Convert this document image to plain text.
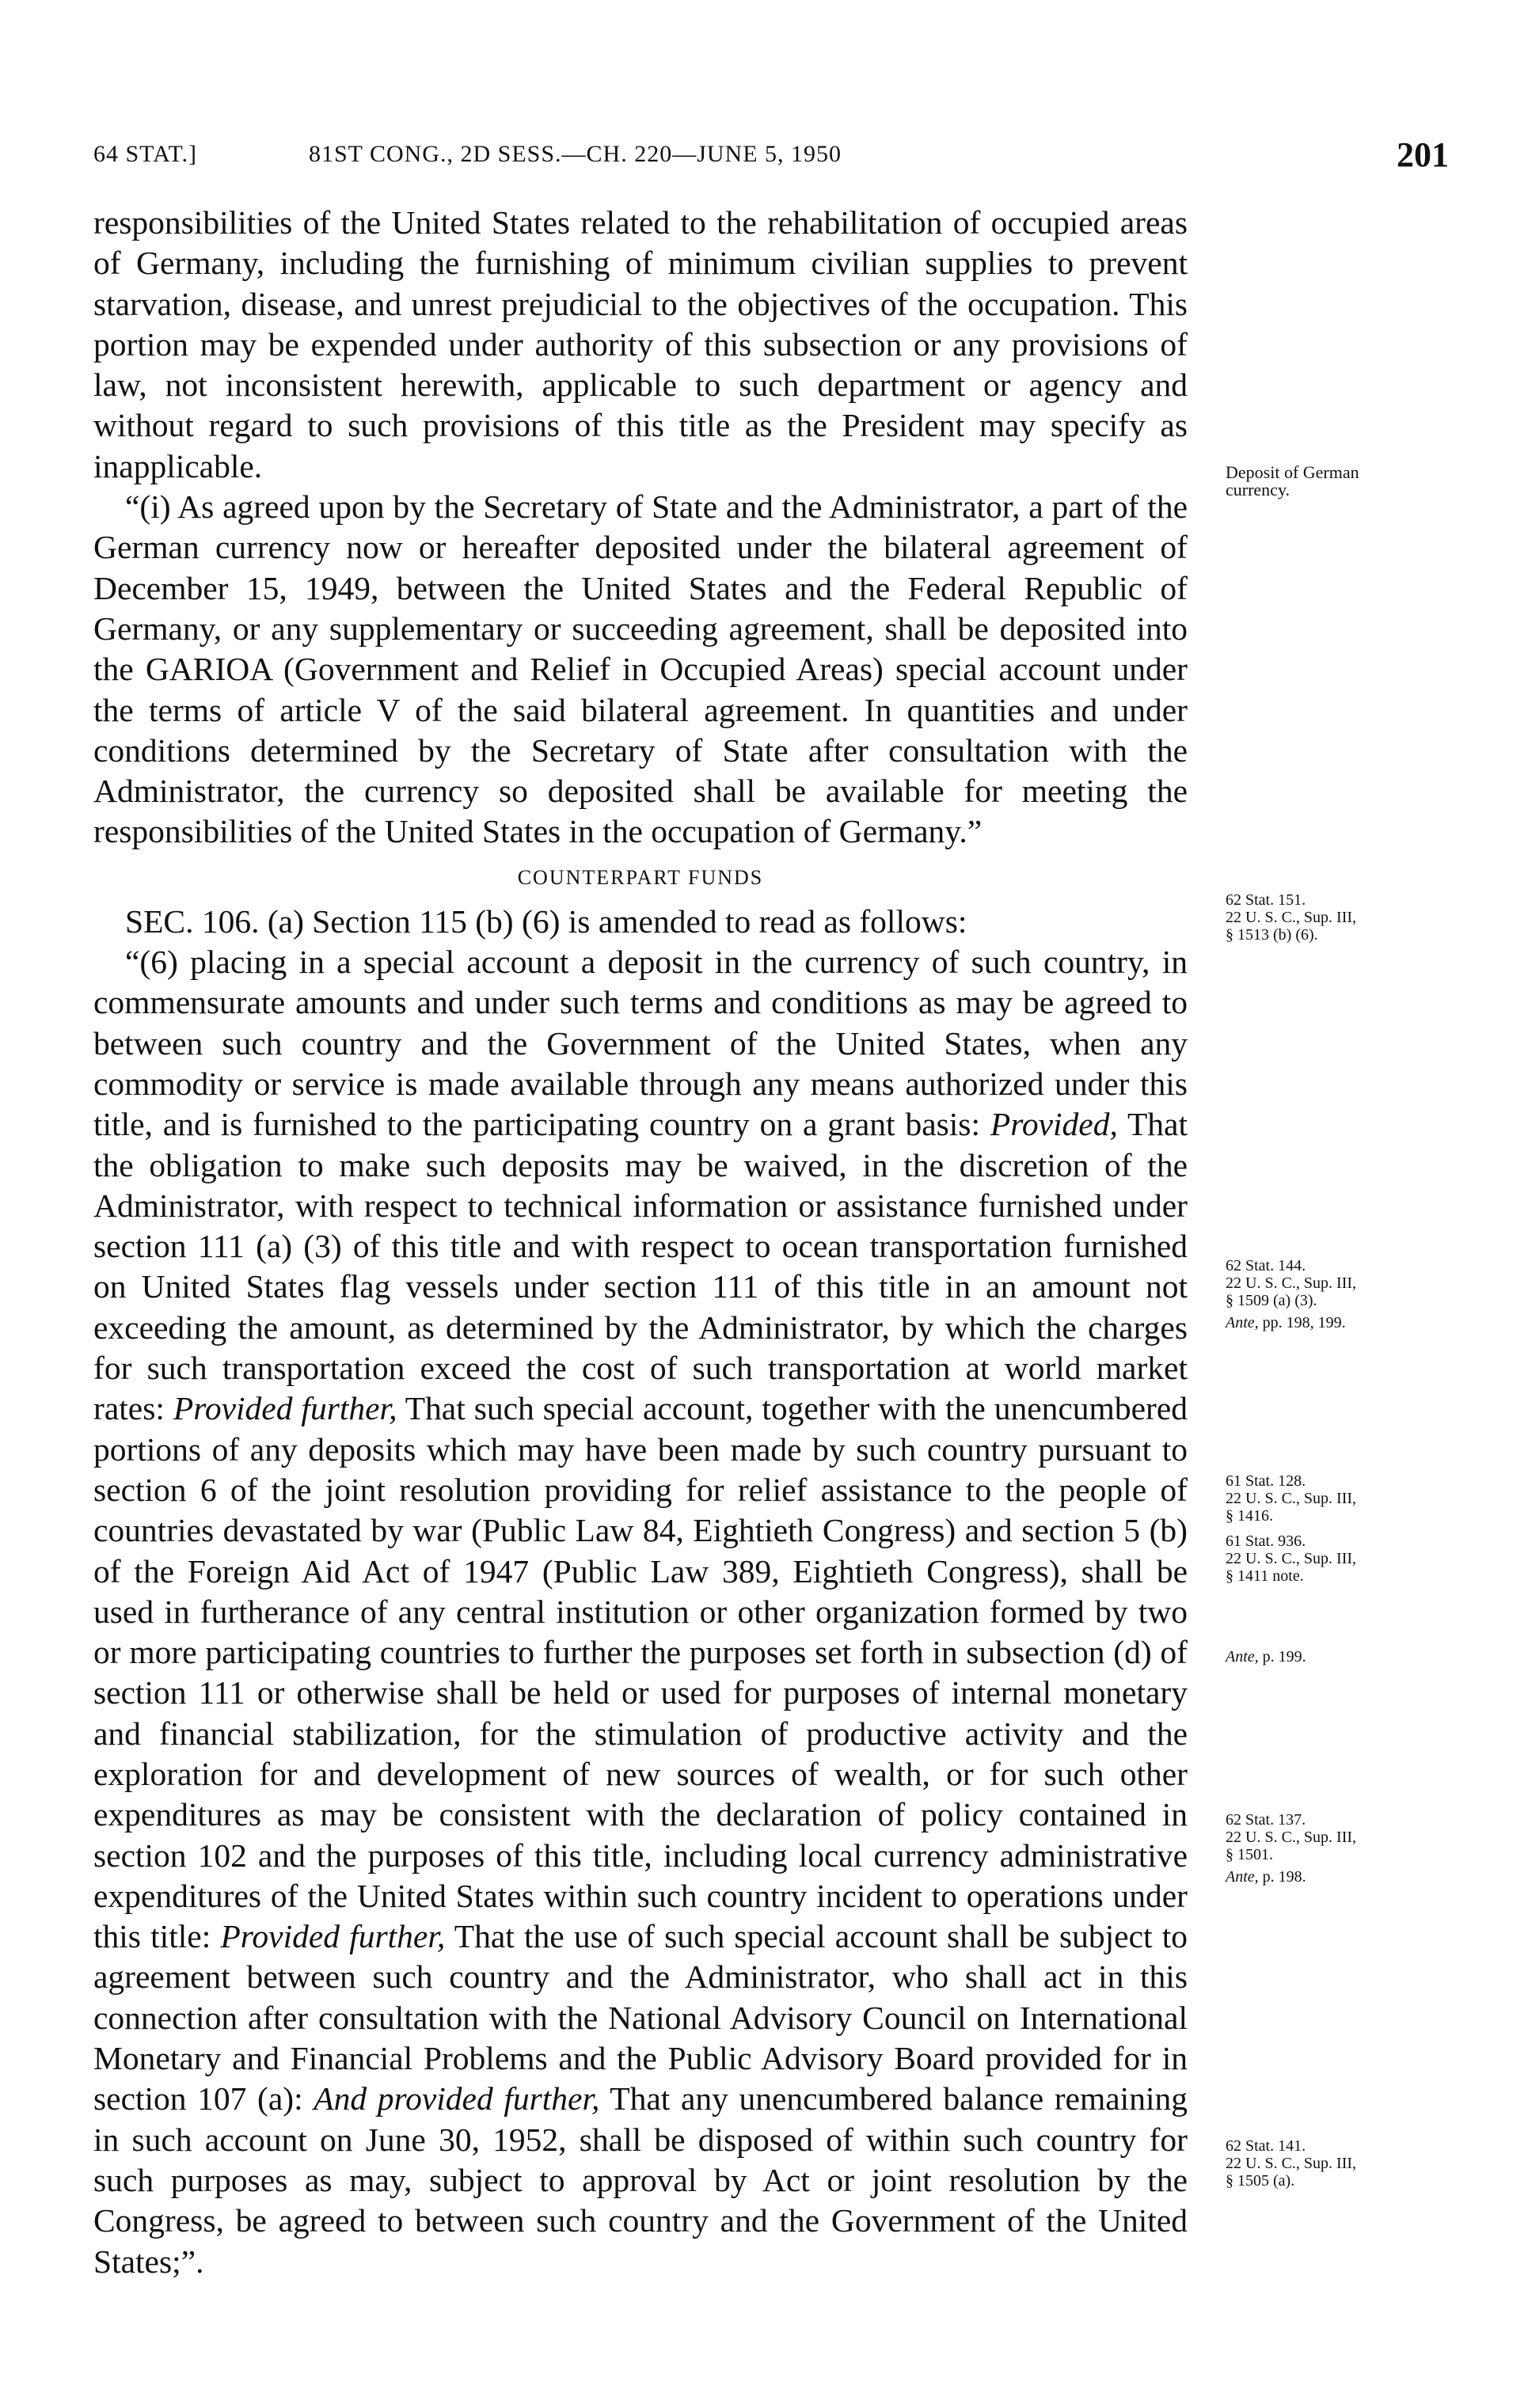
64 STAT.]	81ST CONG., 2D SESS.—CH. 220—JUNE 5, 1950	201

responsibilities of the United States related to the rehabilitation of occupied areas of Germany, including the furnishing of minimum civilian supplies to prevent starvation, disease, and unrest prejudicial to the objectives of the occupation. This portion may be expended under authority of this subsection or any provisions of law, not inconsistent herewith, applicable to such department or agency and without regard to such provisions of this title as the President may specify as inapplicable.

“(i) As agreed upon by the Secretary of State and the Administrator, a part of the German currency now or hereafter deposited under the bilateral agreement of December 15, 1949, between the United States and the Federal Republic of Germany, or any supplementary or succeeding agreement, shall be deposited into the GARIOA (Government and Relief in Occupied Areas) special account under the terms of article V of the said bilateral agreement. In quantities and under conditions determined by the Secretary of State after consultation with the Administrator, the currency so deposited shall be available for meeting the responsibilities of the United States in the occupation of Germany.”

COUNTERPART FUNDS

SEC. 106. (a) Section 115 (b) (6) is amended to read as follows:

“(6) placing in a special account a deposit in the currency of such country, in commensurate amounts and under such terms and conditions as may be agreed to between such country and the Government of the United States, when any commodity or service is made available through any means authorized under this title, and is furnished to the participating country on a grant basis: Provided, That the obligation to make such deposits may be waived, in the discretion of the Administrator, with respect to technical information or assistance furnished under section 111 (a) (3) of this title and with respect to ocean transportation furnished on United States flag vessels under section 111 of this title in an amount not exceeding the amount, as determined by the Administrator, by which the charges for such transportation exceed the cost of such transportation at world market rates: Provided further, That such special account, together with the unencumbered portions of any deposits which may have been made by such country pursuant to section 6 of the joint resolution providing for relief assistance to the people of countries devastated by war (Public Law 84, Eightieth Congress) and section 5 (b) of the Foreign Aid Act of 1947 (Public Law 389, Eightieth Congress), shall be used in furtherance of any central institution or other organization formed by two or more participating countries to further the purposes set forth in subsection (d) of section 111 or otherwise shall be held or used for purposes of internal monetary and financial stabilization, for the stimulation of productive activity and the exploration for and development of new sources of wealth, or for such other expenditures as may be consistent with the declaration of policy contained in section 102 and the purposes of this title, including local currency administrative expenditures of the United States within such country incident to operations under this title: Provided further, That the use of such special account shall be subject to agreement between such country and the Administrator, who shall act in this connection after consultation with the National Advisory Council on International Monetary and Financial Problems and the Public Advisory Board provided for in section 107 (a): And provided further, That any unencumbered balance remaining in such account on June 30, 1952, shall be disposed of within such country for such purposes as may, subject to approval by Act or joint resolution by the Congress, be agreed to between such country and the Government of the United States;”.

Deposit of German
currency.
62 Stat. 151.
22 U. S. C., Sup. III,
§ 1513 (b) (6).
62 Stat. 144.
22 U. S. C., Sup. III,
§ 1509 (a) (3).
Ante, pp. 198, 199.
61 Stat. 128.
22 U. S. C., Sup. III,
§ 1416.
61 Stat. 936.
22 U. S. C., Sup. III,
§ 1411 note.
Ante, p. 199.
62 Stat. 137.
22 U. S. C., Sup. III,
§ 1501.
Ante, p. 198.
62 Stat. 141.
22 U. S. C., Sup. III,
§ 1505 (a).
